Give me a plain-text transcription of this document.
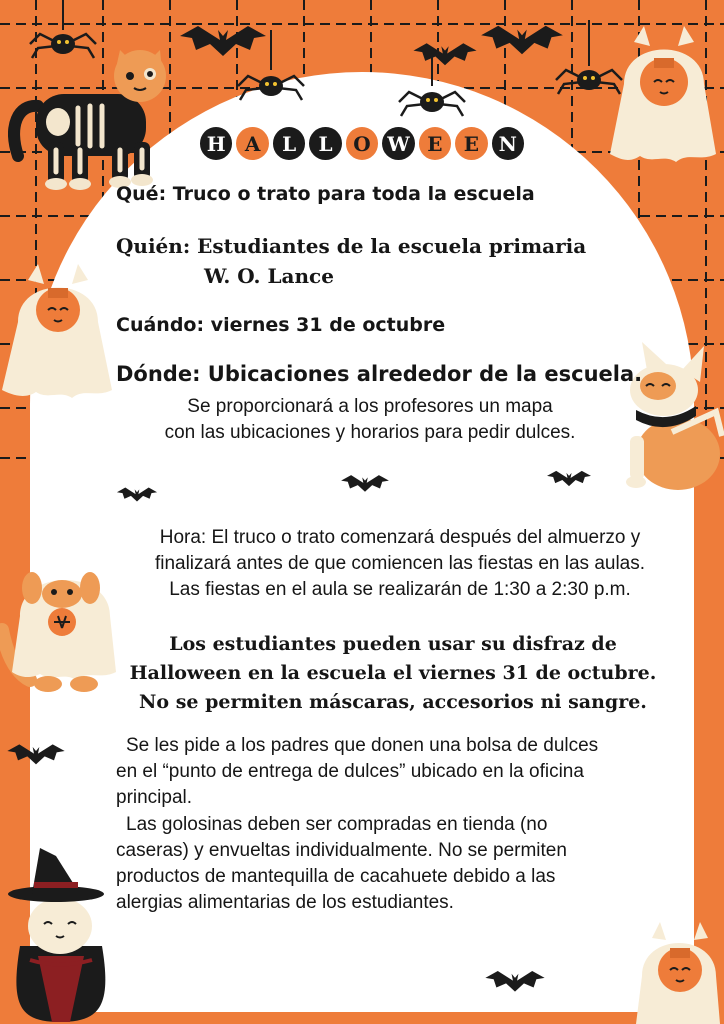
H A	L	L	O W E	E N

Qué: Truco o trato para toda la escuela

Quién: Estudiantes de la escuela primaria

W. O. Lance

Cuándo: viernes 31 de octubre

Dónde: Ubicaciones alrededor de la escuela.

Se proporcionará a los profesores un mapa
con las ubicaciones y horarios para pedir dulces.

Hora: El truco o trato comenzará después del almuerzo y
finalizará antes de que comiencen las fiestas en las aulas.
Las fiestas en el aula se realizarán de 1:30 a 2:30 p.m.

Los estudiantes pueden usar su disfraz de
Halloween en la escuela el viernes 31 de octubre.
No se permiten máscaras, accesorios ni sangre.

Se les pide a los padres que donen una bolsa de dulces
en el “punto de entrega de dulces” ubicado en la oficina
principal.

Las golosinas deben ser compradas en tienda (no
caseras) y envueltas individualmente. No se permiten
productos de mantequilla de cacahuete debido a las
alergias alimentarias de los estudiantes.
